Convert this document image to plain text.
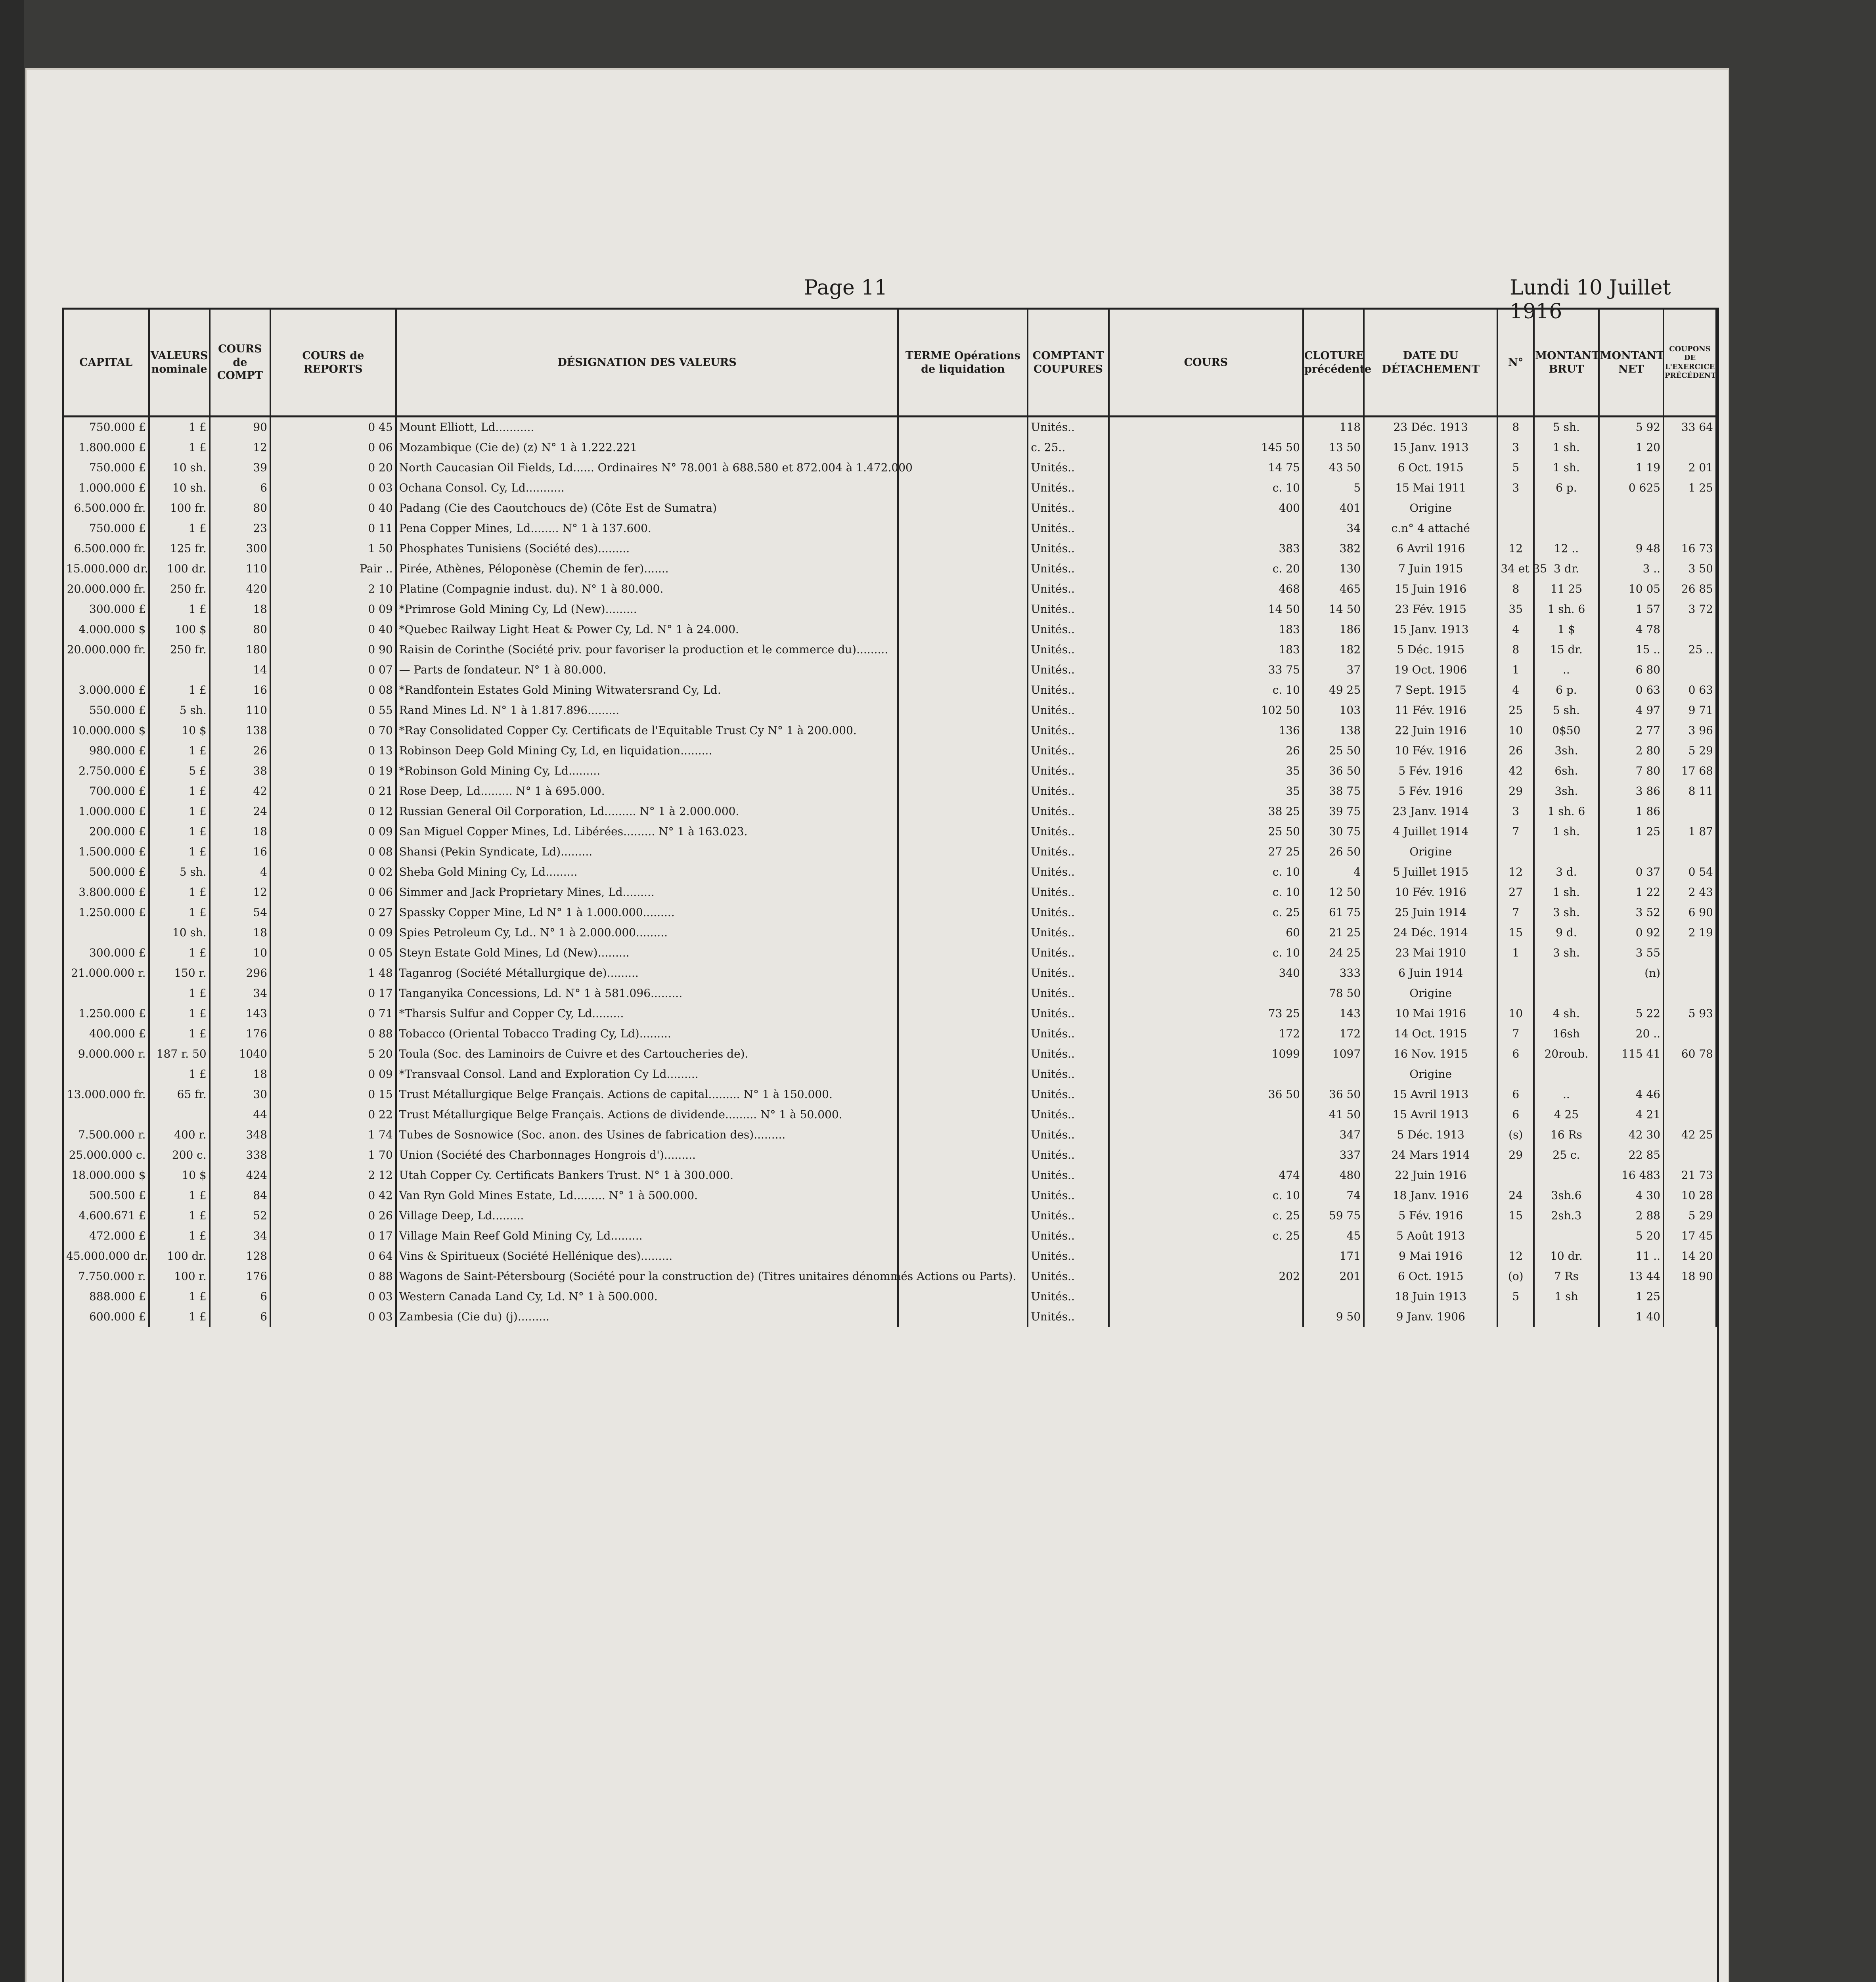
Page 11	Lundi 10 Juillet 1916
CAPITAL	VALEURS nominale	COURS de COMPT	COURS de REPORTS	DÉSIGNATION DES VALEURS	TERME Opérations de liquidation	COMPTANT COUPURES	COURS	CLOTURE précédente	DATE DU DÉTACHEMENT	N°	MONTANT BRUT	MONTANT NET	COUPONS DE L'EXERCICE PRÉCÉDENT
750.000 £	1 £	90	0 45	Mount Elliott, Ld...........		Unités..		118	23 Déc. 1913	8	5 sh.	5 92	33 64
1.800.000 £	1 £	12	0 06	Mozambique (Cie de) (z) N° 1 à 1.222.221		c. 25..	145 50	13 50	15 Janv. 1913	3	1 sh.	1 20	
750.000 £	10 sh.	39	0 20	North Caucasian Oil Fields, Ld...... Ordinaires N° 78.001 à 688.580 et 872.004 à 1.472.000		Unités..	14 75	43 50	6 Oct. 1915	5	1 sh.	1 19	2 01
1.000.000 £	10 sh.	6	0 03	Ochana Consol. Cy, Ld...........		Unités..	c. 10	5	15 Mai 1911	3	6 p.	0 625	1 25
6.500.000 fr.	100 fr.	80	0 40	Padang (Cie des Caoutchoucs de) (Côte Est de Sumatra)		Unités..	400	401	Origine				
750.000 £	1 £	23	0 11	Pena Copper Mines, Ld........ N° 1 à 137.600.		Unités..		34	c.n° 4 attaché				
6.500.000 fr.	125 fr.	300	1 50	Phosphates Tunisiens (Société des).........		Unités..	383	382	6 Avril 1916	12	12 ..	9 48	16 73
15.000.000 dr.	100 dr.	110	Pair ..	Pirée, Athènes, Péloponèse (Chemin de fer).......		Unités..	c. 20	130	7 Juin 1915	34 et 35	3 dr.	3 ..	3 50
20.000.000 fr.	250 fr.	420	2 10	Platine (Compagnie indust. du). N° 1 à 80.000.		Unités..	468	465	15 Juin 1916	8	11 25	10 05	26 85
300.000 £	1 £	18	0 09	*Primrose Gold Mining Cy, Ld (New).........		Unités..	14 50	14 50	23 Fév. 1915	35	1 sh. 6	1 57	3 72
4.000.000 $	100 $	80	0 40	*Quebec Railway Light Heat & Power Cy, Ld. N° 1 à 24.000.		Unités..	183	186	15 Janv. 1913	4	1 $	4 78	
20.000.000 fr.	250 fr.	180	0 90	Raisin de Corinthe (Société priv. pour favoriser la production et le commerce du).........		Unités..	183	182	5 Déc. 1915	8	15 dr.	15 ..	25 ..
		14	0 07	— Parts de fondateur. N° 1 à 80.000.		Unités..	33 75	37	19 Oct. 1906	1	..	6 80	
3.000.000 £	1 £	16	0 08	*Randfontein Estates Gold Mining Witwatersrand Cy, Ld.		Unités..	c. 10	49 25	7 Sept. 1915	4	6 p.	0 63	0 63
550.000 £	5 sh.	110	0 55	Rand Mines Ld. N° 1 à 1.817.896.........		Unités..	102 50	103	11 Fév. 1916	25	5 sh.	4 97	9 71
10.000.000 $	10 $	138	0 70	*Ray Consolidated Copper Cy. Certificats de l'Equitable Trust Cy N° 1 à 200.000.		Unités..	136	138	22 Juin 1916	10	0$50	2 77	3 96
980.000 £	1 £	26	0 13	Robinson Deep Gold Mining Cy, Ld, en liquidation.........		Unités..	26	25 50	10 Fév. 1916	26	3sh.	2 80	5 29
2.750.000 £	5 £	38	0 19	*Robinson Gold Mining Cy, Ld.........		Unités..	35	36 50	5 Fév. 1916	42	6sh.	7 80	17 68
700.000 £	1 £	42	0 21	Rose Deep, Ld......... N° 1 à 695.000.		Unités..	35	38 75	5 Fév. 1916	29	3sh.	3 86	8 11
1.000.000 £	1 £	24	0 12	Russian General Oil Corporation, Ld......... N° 1 à 2.000.000.		Unités..	38 25	39 75	23 Janv. 1914	3	1 sh. 6	1 86	
200.000 £	1 £	18	0 09	San Miguel Copper Mines, Ld. Libérées......... N° 1 à 163.023.		Unités..	25 50	30 75	4 Juillet 1914	7	1 sh.	1 25	1 87
1.500.000 £	1 £	16	0 08	Shansi (Pekin Syndicate, Ld).........		Unités..	27 25	26 50	Origine				
500.000 £	5 sh.	4	0 02	Sheba Gold Mining Cy, Ld.........		Unités..	c. 10	4	5 Juillet 1915	12	3 d.	0 37	0 54
3.800.000 £	1 £	12	0 06	Simmer and Jack Proprietary Mines, Ld.........		Unités..	c. 10	12 50	10 Fév. 1916	27	1 sh.	1 22	2 43
1.250.000 £	1 £	54	0 27	Spassky Copper Mine, Ld N° 1 à 1.000.000.........		Unités..	c. 25	61 75	25 Juin 1914	7	3 sh.	3 52	6 90
	10 sh.	18	0 09	Spies Petroleum Cy, Ld.. N° 1 à 2.000.000.........		Unités..	60	21 25	24 Déc. 1914	15	9 d.	0 92	2 19
300.000 £	1 £	10	0 05	Steyn Estate Gold Mines, Ld (New).........		Unités..	c. 10	24 25	23 Mai 1910	1	3 sh.	3 55	
21.000.000 r.	150 r.	296	1 48	Taganrog (Société Métallurgique de).........		Unités..	340	333	6 Juin 1914			(n)	
	1 £	34	0 17	Tanganyika Concessions, Ld. N° 1 à 581.096.........		Unités..		78 50	Origine				
1.250.000 £	1 £	143	0 71	*Tharsis Sulfur and Copper Cy, Ld.........		Unités..	73 25	143	10 Mai 1916	10	4 sh.	5 22	5 93
400.000 £	1 £	176	0 88	Tobacco (Oriental Tobacco Trading Cy, Ld).........		Unités..	172	172	14 Oct. 1915	7	16sh	20 ..	
9.000.000 r.	187 r. 50	1040	5 20	Toula (Soc. des Laminoirs de Cuivre et des Cartoucheries de).		Unités..	1099	1097	16 Nov. 1915	6	20roub.	115 41	60 78
	1 £	18	0 09	*Transvaal Consol. Land and Exploration Cy Ld.........		Unités..			Origine				
13.000.000 fr.	65 fr.	30	0 15	Trust Métallurgique Belge Français. Actions de capital......... N° 1 à 150.000.		Unités..	36 50	36 50	15 Avril 1913	6	..	4 46	
		44	0 22	Trust Métallurgique Belge Français. Actions de dividende......... N° 1 à 50.000.		Unités..		41 50	15 Avril 1913	6	4 25	4 21	
7.500.000 r.	400 r.	348	1 74	Tubes de Sosnowice (Soc. anon. des Usines de fabrication des).........		Unités..		347	5 Déc. 1913	(s)	16 Rs	42 30	42 25
25.000.000 c.	200 c.	338	1 70	Union (Société des Charbonnages Hongrois d').........		Unités..		337	24 Mars 1914	29	25 c.	22 85	
18.000.000 $	10 $	424	2 12	Utah Copper Cy. Certificats Bankers Trust. N° 1 à 300.000.		Unités..	474	480	22 Juin 1916			16 483	21 73
500.500 £	1 £	84	0 42	Van Ryn Gold Mines Estate, Ld......... N° 1 à 500.000.		Unités..	c. 10	74	18 Janv. 1916	24	3sh.6	4 30	10 28
4.600.671 £	1 £	52	0 26	Village Deep, Ld.........		Unités..	c. 25	59 75	5 Fév. 1916	15	2sh.3	2 88	5 29
472.000 £	1 £	34	0 17	Village Main Reef Gold Mining Cy, Ld.........		Unités..	c. 25	45	5 Août 1913			5 20	17 45
45.000.000 dr.	100 dr.	128	0 64	Vins & Spiritueux (Société Hellénique des).........		Unités..		171	9 Mai 1916	12	10 dr.	11 ..	14 20
7.750.000 r.	100 r.	176	0 88	Wagons de Saint-Pétersbourg (Société pour la construction de) (Titres unitaires dénommés Actions ou Parts).		Unités..	202	201	6 Oct. 1915	(o)	7 Rs	13 44	18 90
888.000 £	1 £	6	0 03	Western Canada Land Cy, Ld. N° 1 à 500.000.		Unités..			18 Juin 1913	5	1 sh	1 25	
600.000 £	1 £	6	0 03	Zambesia (Cie du) (j).........		Unités..		9 50	9 Janv. 1906			1 40	
